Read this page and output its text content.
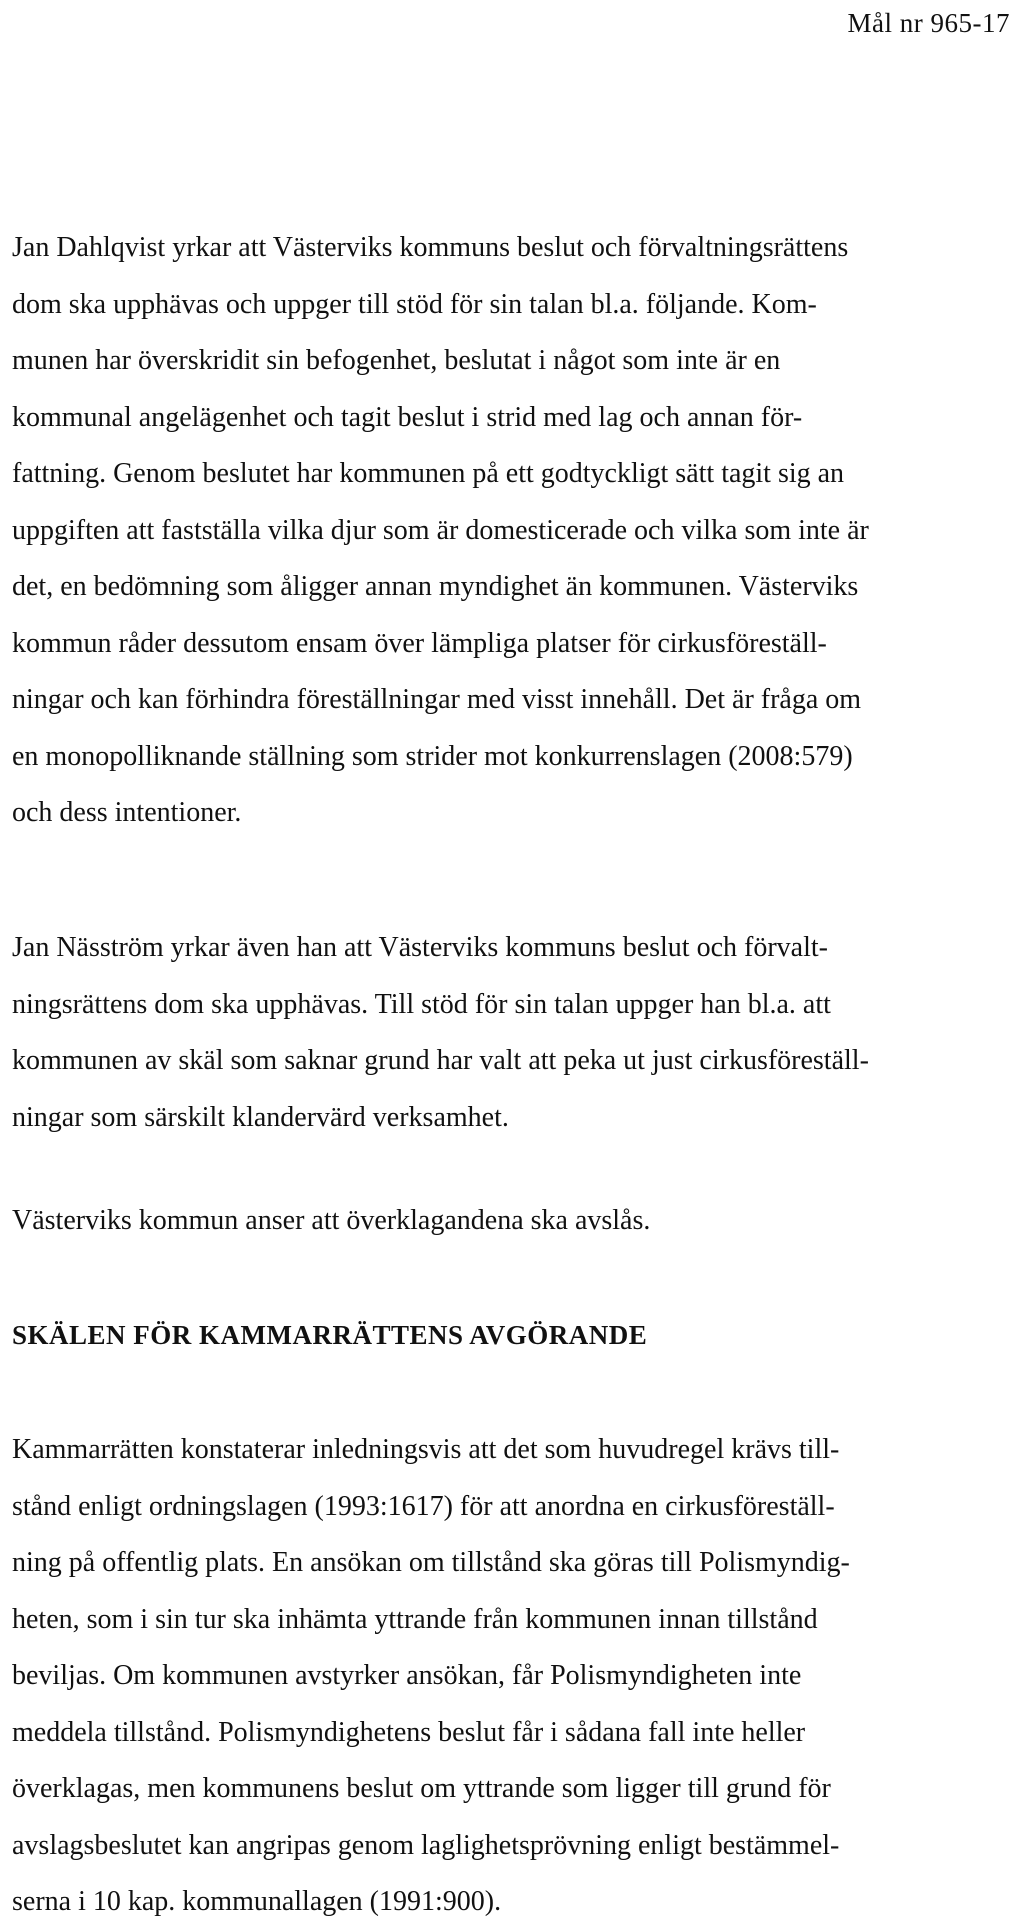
Mål nr 965-17
Jan Dahlqvist yrkar att Västerviks kommuns beslut och förvaltningsrättens
dom ska upphävas och uppger till stöd för sin talan bl.a. följande. Kom-
munen har överskridit sin befogenhet, beslutat i något som inte är en
kommunal angelägenhet och tagit beslut i strid med lag och annan för-
fattning. Genom beslutet har kommunen på ett godtyckligt sätt tagit sig an
uppgiften att fastställa vilka djur som är domesticerade och vilka som inte är
det, en bedömning som åligger annan myndighet än kommunen. Västerviks
kommun råder dessutom ensam över lämpliga platser för cirkusföreställ-
ningar och kan förhindra föreställningar med visst innehåll. Det är fråga om
en monopolliknande ställning som strider mot konkurrenslagen (2008:579)
och dess intentioner.
Jan Näsström yrkar även han att Västerviks kommuns beslut och förvalt-
ningsrättens dom ska upphävas. Till stöd för sin talan uppger han bl.a. att
kommunen av skäl som saknar grund har valt att peka ut just cirkusföreställ-
ningar som särskilt klandervärd verksamhet.
Västerviks kommun anser att överklagandena ska avslås.
SKÄLEN FÖR KAMMARRÄTTENS AVGÖRANDE
Kammarrätten konstaterar inledningsvis att det som huvudregel krävs till-
stånd enligt ordningslagen (1993:1617) för att anordna en cirkusföreställ-
ning på offentlig plats. En ansökan om tillstånd ska göras till Polismyndig-
heten, som i sin tur ska inhämta yttrande från kommunen innan tillstånd
beviljas. Om kommunen avstyrker ansökan, får Polismyndigheten inte
meddela tillstånd. Polismyndighetens beslut får i sådana fall inte heller
överklagas, men kommunens beslut om yttrande som ligger till grund för
avslagsbeslutet kan angripas genom laglighetsprövning enligt bestämmel-
serna i 10 kap. kommunallagen (1991:900).
